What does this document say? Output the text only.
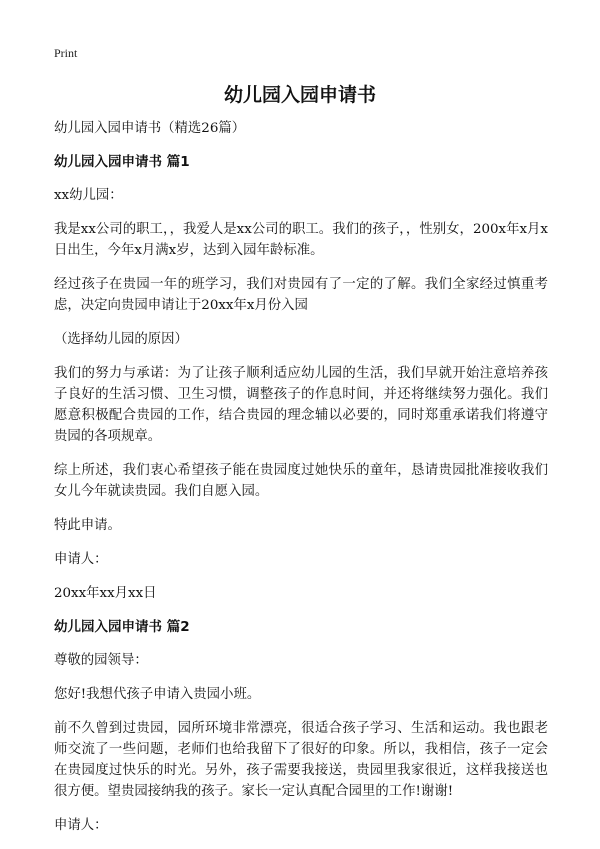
Print
幼儿园入园申请书

幼儿园入园申请书（精选26篇）

幼儿园入园申请书 篇1

xx幼儿园：

我是xx公司的职工，，我爱人是xx公司的职工。我们的孩子，，性别女，200x年x月x日出生，今年x月满x岁，达到入园年龄标准。

经过孩子在贵园一年的班学习，我们对贵园有了一定的了解。我们全家经过慎重考虑，决定向贵园申请让于20xx年x月份入园

（选择幼儿园的原因）

我们的努力与承诺：为了让孩子顺利适应幼儿园的生活，我们早就开始注意培养孩子良好的生活习惯、卫生习惯，调整孩子的作息时间，并还将继续努力强化。我们愿意积极配合贵园的工作，结合贵园的理念辅以必要的，同时郑重承诺我们将遵守贵园的各项规章。

综上所述，我们衷心希望孩子能在贵园度过她快乐的童年，恳请贵园批准接收我们女儿今年就读贵园。我们自愿入园。

特此申请。

申请人：

20xx年xx月xx日

幼儿园入园申请书 篇2

尊敬的园领导：

您好!我想代孩子申请入贵园小班。

前不久曾到过贵园，园所环境非常漂亮，很适合孩子学习、生活和运动。我也跟老师交流了一些问题，老师们也给我留下了很好的印象。所以，我相信，孩子一定会在贵园度过快乐的时光。另外，孩子需要我接送，贵园里我家很近，这样我接送也很方便。望贵园接纳我的孩子。家长一定认真配合园里的工作!谢谢!

申请人：
